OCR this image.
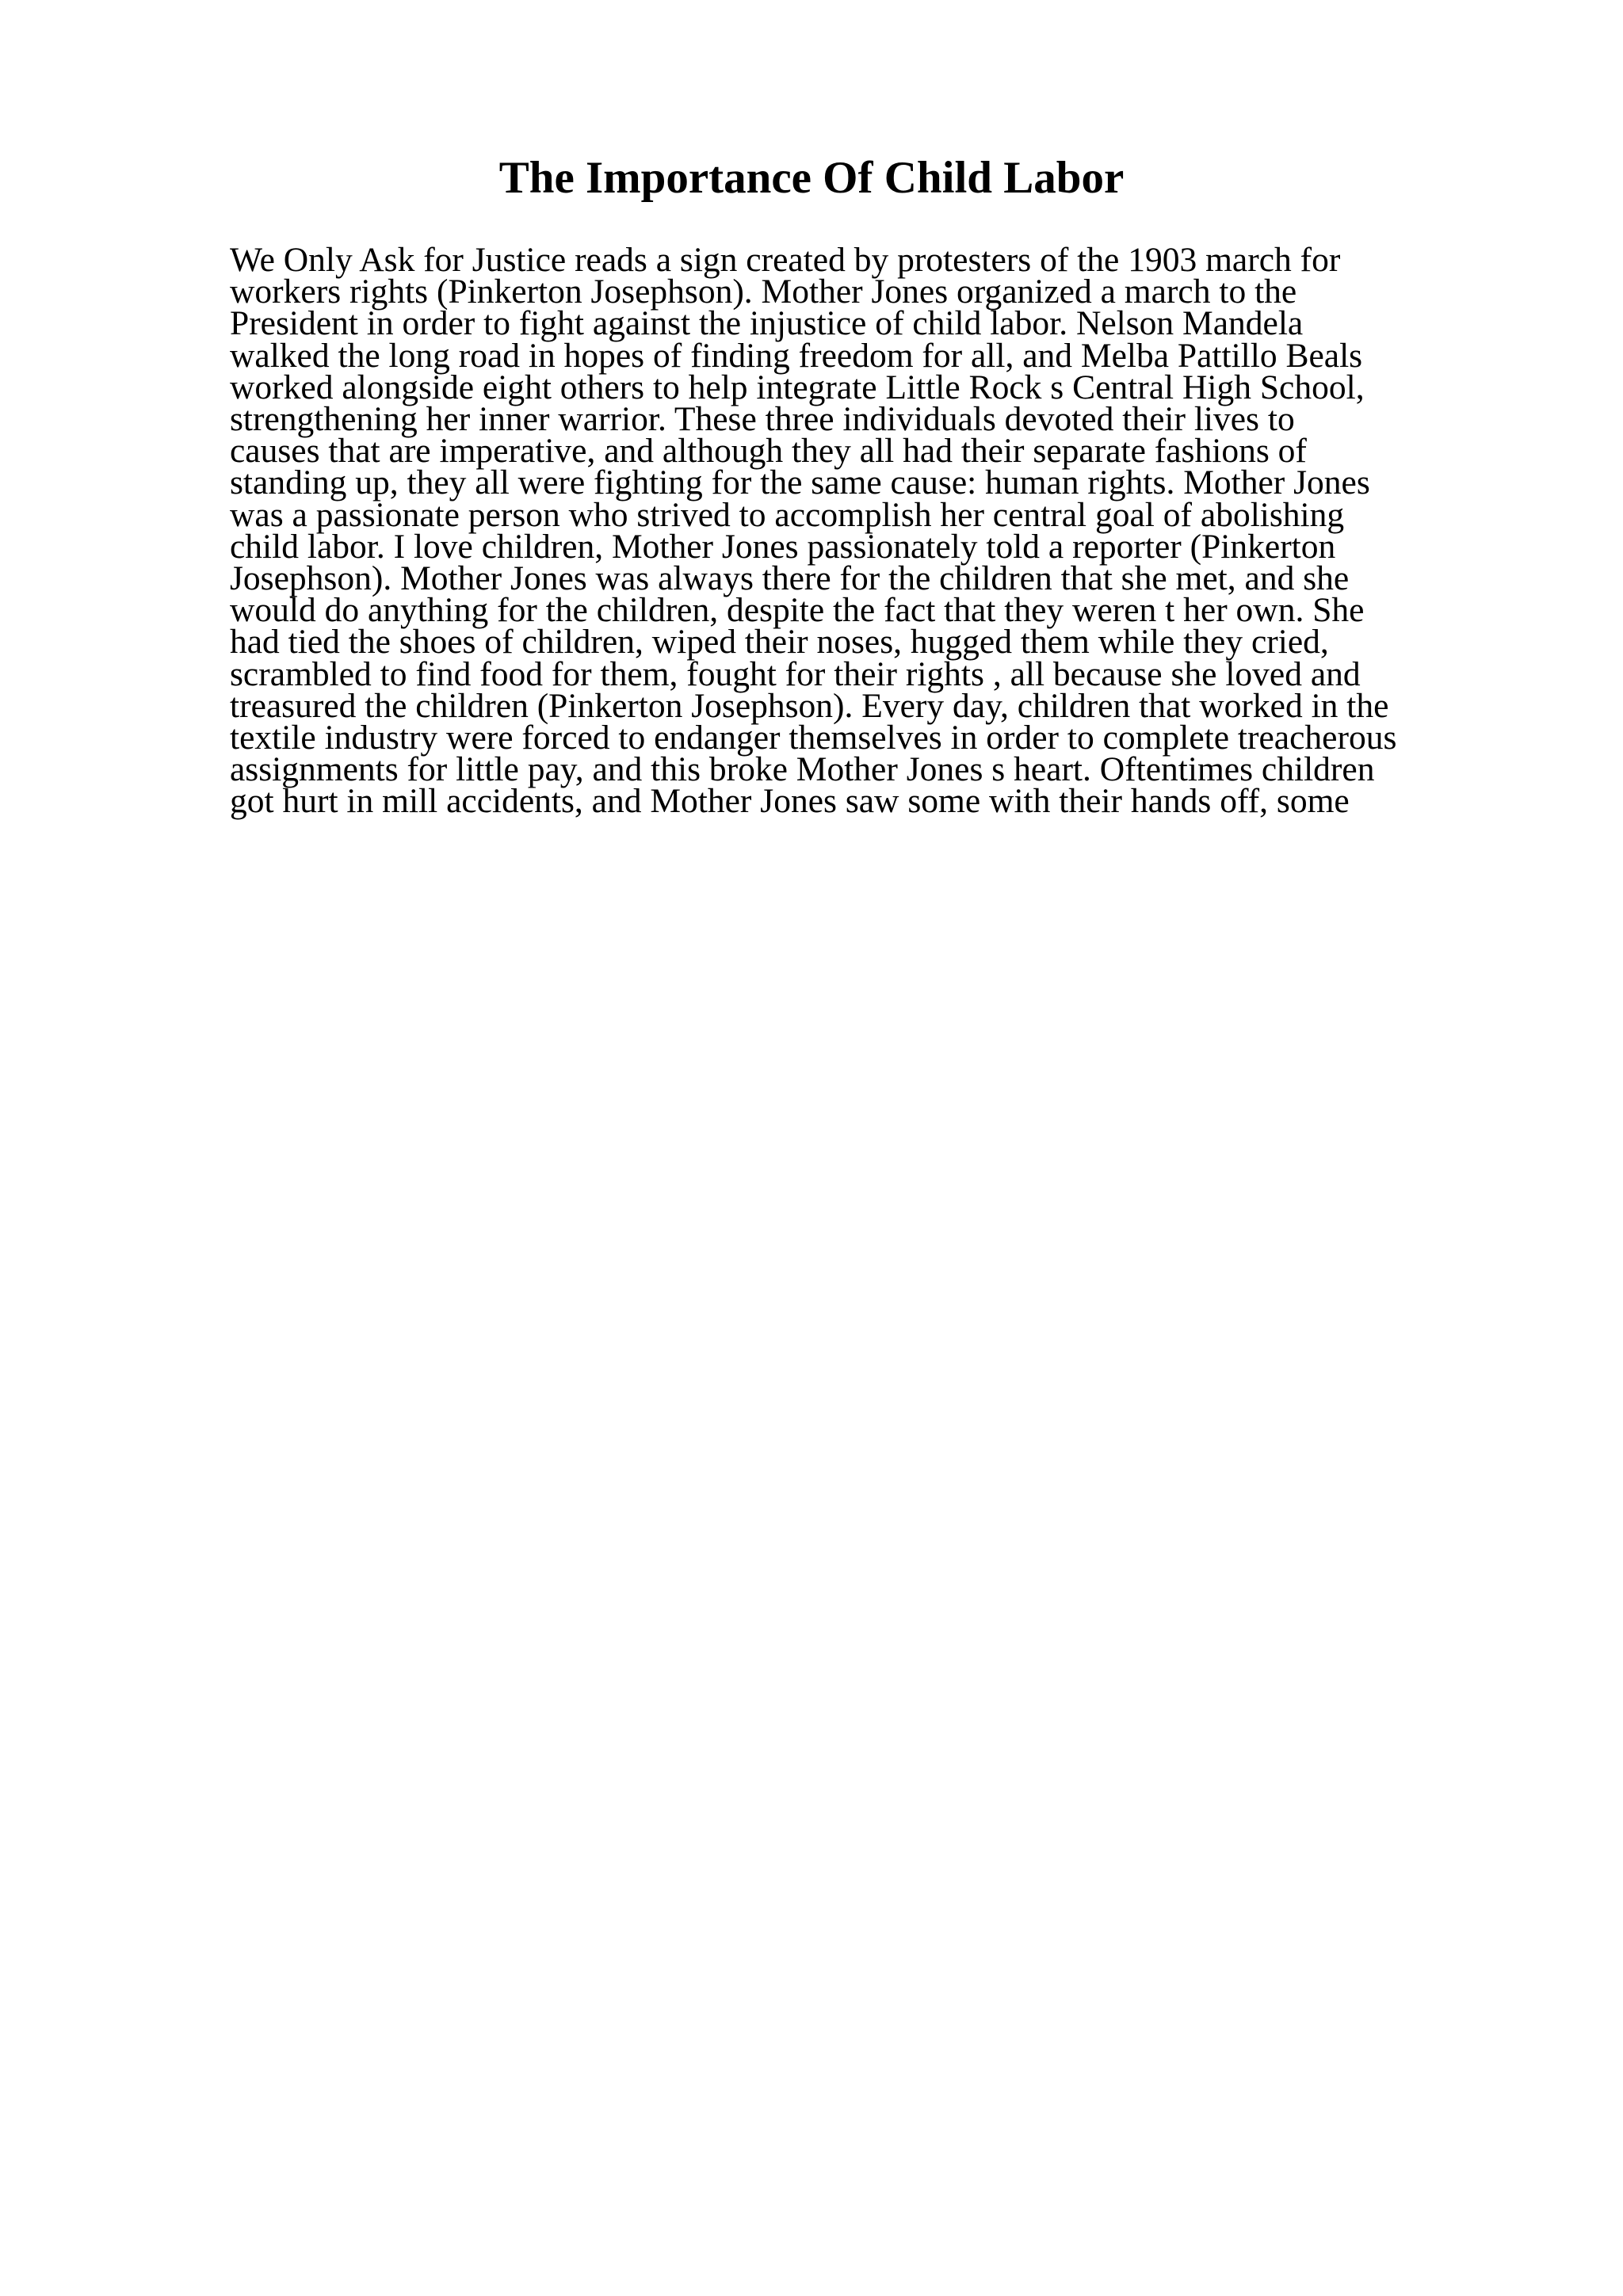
The Importance Of Child Labor
We Only Ask for Justice reads a sign created by protesters of the 1903 march for
workers rights (Pinkerton Josephson). Mother Jones organized a march to the
President in order to fight against the injustice of child labor. Nelson Mandela
walked the long road in hopes of finding freedom for all, and Melba Pattillo Beals
worked alongside eight others to help integrate Little Rock s Central High School,
strengthening her inner warrior. These three individuals devoted their lives to
causes that are imperative, and although they all had their separate fashions of
standing up, they all were fighting for the same cause: human rights. Mother Jones
was a passionate person who strived to accomplish her central goal of abolishing
child labor. I love children, Mother Jones passionately told a reporter (Pinkerton
Josephson). Mother Jones was always there for the children that she met, and she
would do anything for the children, despite the fact that they weren t her own. She
had tied the shoes of children, wiped their noses, hugged them while they cried,
scrambled to find food for them, fought for their rights , all because she loved and
treasured the children (Pinkerton Josephson). Every day, children that worked in the
textile industry were forced to endanger themselves in order to complete treacherous
assignments for little pay, and this broke Mother Jones s heart. Oftentimes children
got hurt in mill accidents, and Mother Jones saw some with their hands off, some
